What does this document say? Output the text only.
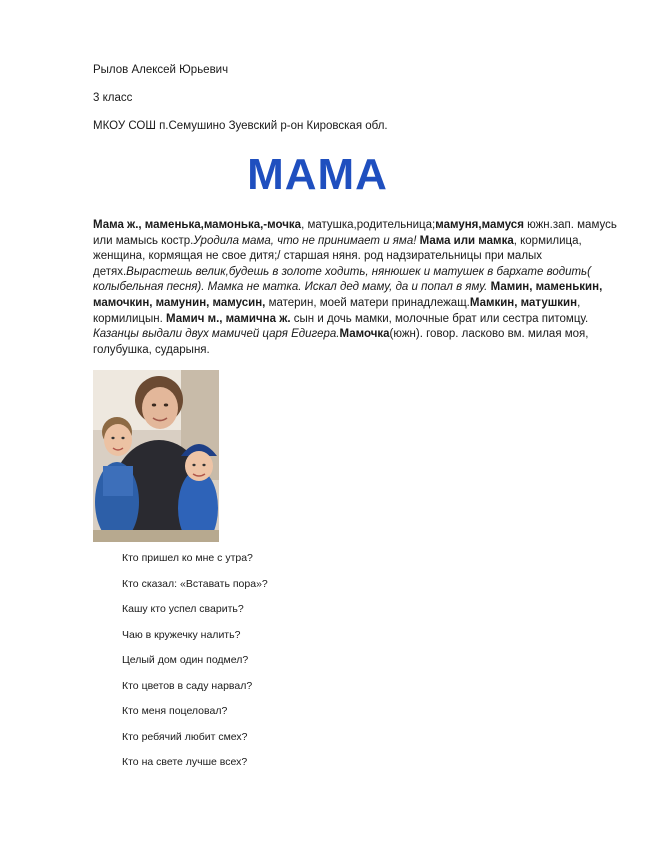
Рылов Алексей Юрьевич
3 класс
МКОУ СОШ п.Семушино Зуевский р-он Кировская обл.
МАМА
Мама ж., маменька,мамонька,-мочка, матушка,родительница;мамуня,мамуся южн.зап. мамусь или мамысь костр.Уродила мама, что не принимает и яма! Мама или мамка, кормилица, женщина, кормящая не свое дитя;/ старшая няня. род надзирательницы при малых детях.Вырастешь велик,будешь в золоте ходить, нянюшек и матушек в бархате водить( колыбельная песня). Мамка не матка. Искал дед маму, да и попал в яму. Мамин, маменькин, мамочкин, мамунин, мамусин, материн, моей матери принадлежащ.Мамкин, матушкин, кормилицын. Мамич м., мамична ж. сын и дочь мамки, молочные брат или сестра питомцу. Казанцы выдали двух мамичей царя Едигера.Мамочка(южн). говор. ласково вм. милая моя, голубушка, сударыня.
Кто пришел ко мне с утра?
Кто сказал: «Вставать пора»?
Кашу кто успел сварить?
Чаю в кружечку налить?
Целый дом один подмел?
Кто цветов в саду нарвал?
Кто меня поцеловал?
Кто ребячий любит смех?
Кто на свете лучше всех?
